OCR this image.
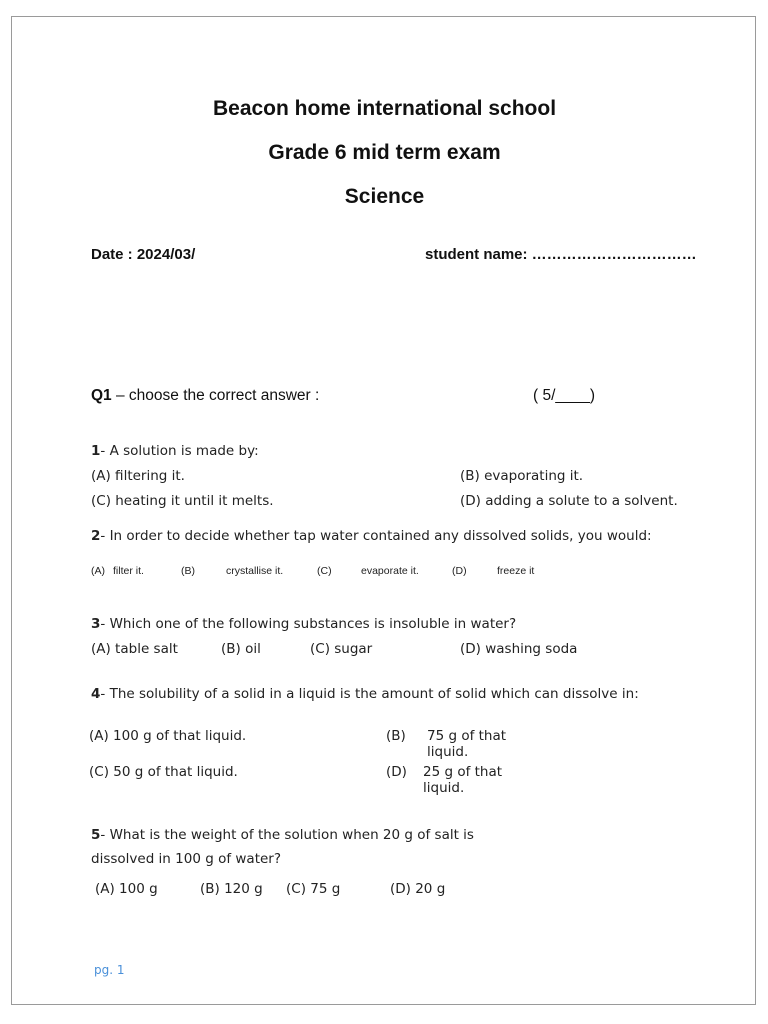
Beacon home international school
Grade 6 mid term exam
Science
Date : 2024/03/	student name: ……………………………
Q1 – choose the correct answer :	( 5/____)
1- A solution is made by:
(A) filtering it.	(B) evaporating it.
(C) heating it until it melts.	(D) adding a solute to a solvent.
2- In order to decide whether tap water contained any dissolved solids, you would:
(A) filter it.	(B)	crystallise it.	(C)	evaporate it.	(D)	freeze it
3- Which one of the following substances is insoluble in water?
(A) table salt	(B) oil	(C) sugar	(D) washing soda
4- The solubility of a solid in a liquid is the amount of solid which can dissolve in:
(A) 100 g of that liquid.	(B) 75 g of that liquid.
(C) 50 g of that liquid.	(D) 25 g of that liquid.
5- What is the weight of the solution when 20 g of salt is dissolved in 100 g of water?
(A) 100 g	(B) 120 g (C) 75 g	(D) 20 g
pg. 1
